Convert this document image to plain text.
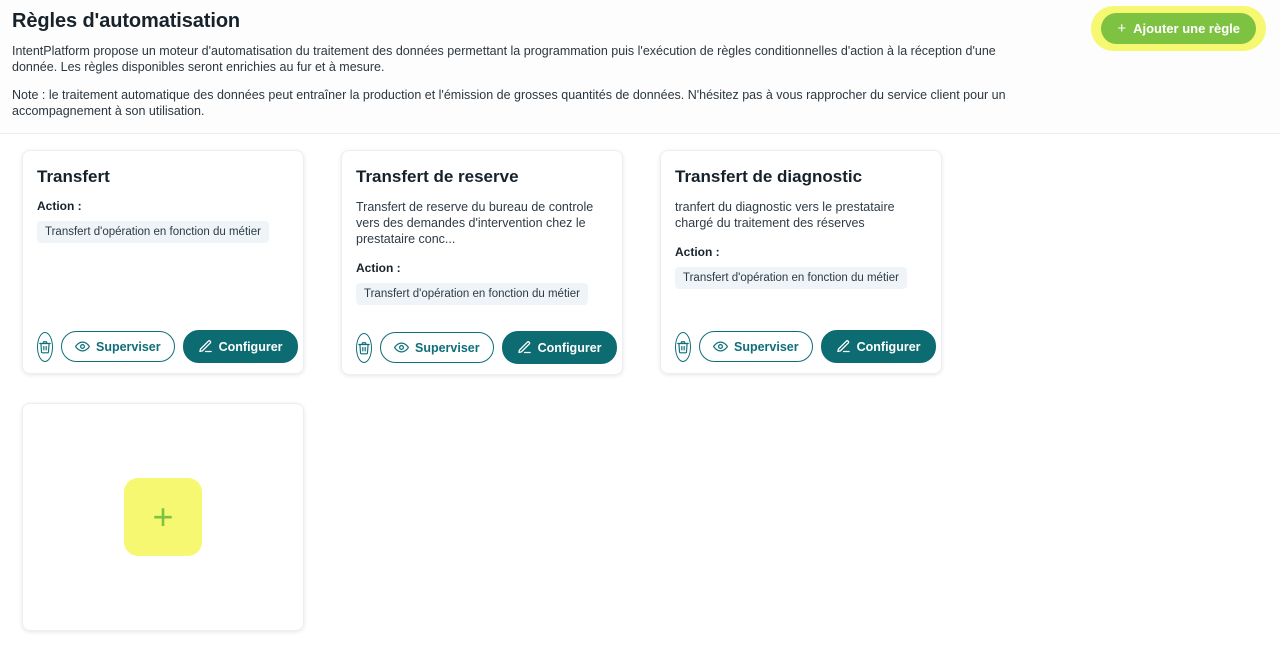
Règles d'automatisation

IntentPlatform propose un moteur d'automatisation du traitement des données permettant la programmation puis l'exécution de règles conditionnelles d'action à la réception d'une donnée. Les règles disponibles seront enrichies au fur et à mesure.

Note : le traitement automatique des données peut entraîner la production et l'émission de grosses quantités de données. N'hésitez pas à vous rapprocher du service client pour un accompagnement à son utilisation.

+ Ajouter une règle
Transfert
Action :
Transfert d'opération en fonction du métier
Superviser	Configurer
Transfert de reserve

Transfert de reserve du bureau de controle vers des demandes d'intervention chez le prestataire conc...

Action :
Transfert d'opération en fonction du métier
Superviser	Configurer
Transfert de diagnostic

tranfert du diagnostic vers le prestataire chargé du traitement des réserves

Action :
Transfert d'opération en fonction du métier
Superviser	Configurer
+
